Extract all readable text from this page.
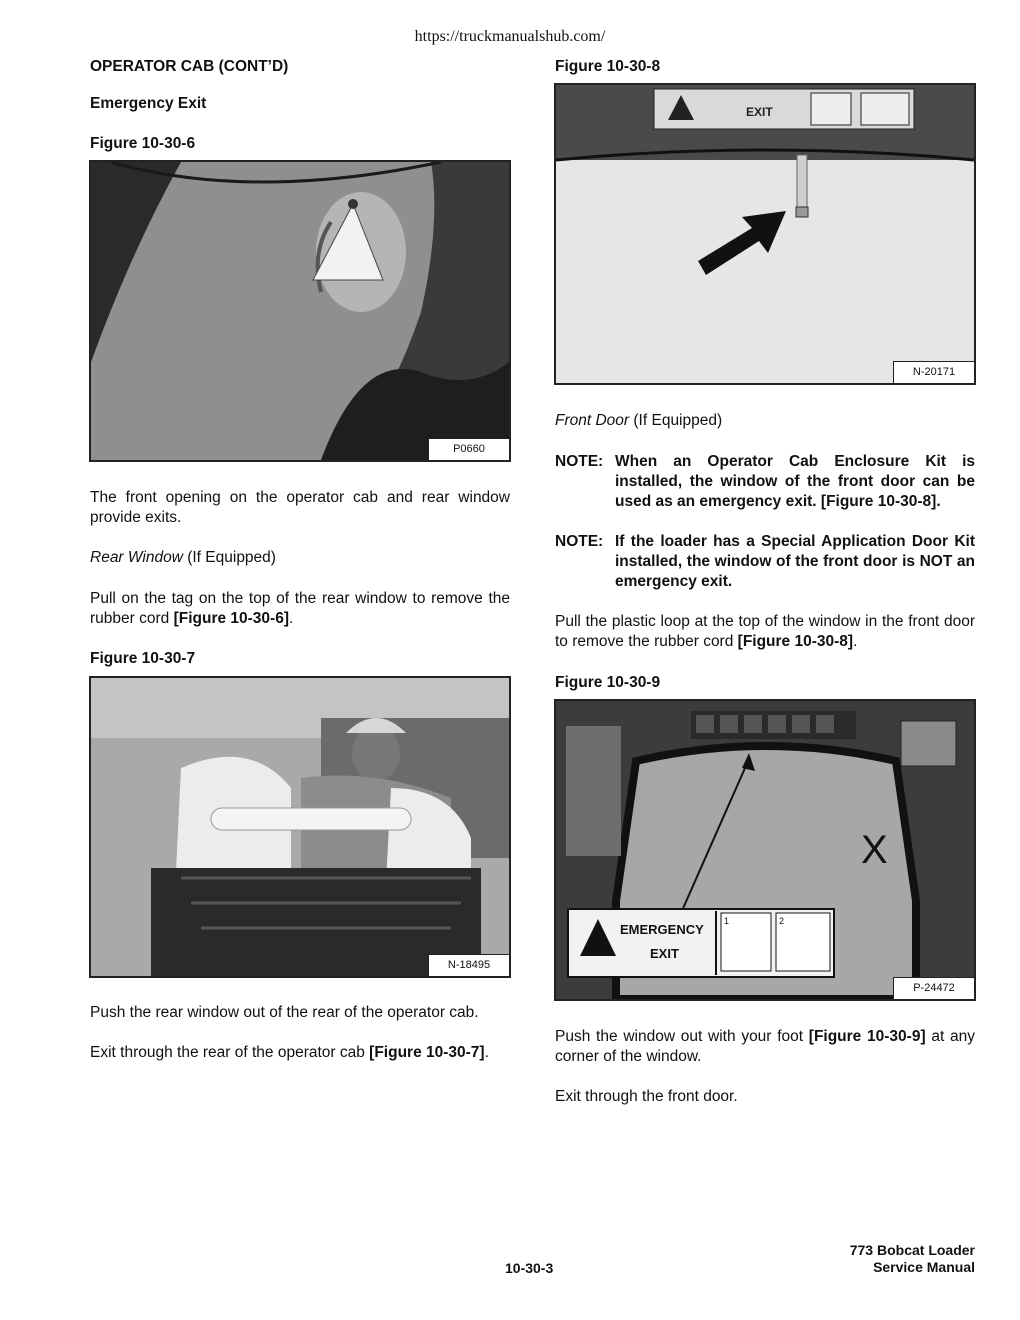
https://truckmanualshub.com/
OPERATOR CAB (CONT’D)
Emergency Exit
Figure 10-30-6
P0660
The front opening on the operator cab and rear window provide exits.
Rear Window (If Equipped)
Pull on the tag on the top of the rear window to remove the rubber cord [Figure 10-30-6].
Figure 10-30-7
N-18495
Push the rear window out of the rear of the operator cab.
Exit through the rear of the operator cab [Figure 10-30-7].
Figure 10-30-8
EXIT
N-20171
Front Door (If Equipped)
NOTE: When an Operator Cab Enclosure Kit is installed, the window of the front door can be used as an emergency exit. [Figure 10-30-8].
NOTE: If the loader has a Special Application Door Kit installed, the window of the front door is NOT an emergency exit.
Pull the plastic loop at the top of the window in the front door to remove the rubber cord [Figure 10-30-8].
Figure 10-30-9
X
EMERGENCY
EXIT
1	2
P-24472
Push the window out with your foot [Figure 10-30-9] at any corner of the window.
Exit through the front door.
10-30-3
773 Bobcat Loader
Service Manual
